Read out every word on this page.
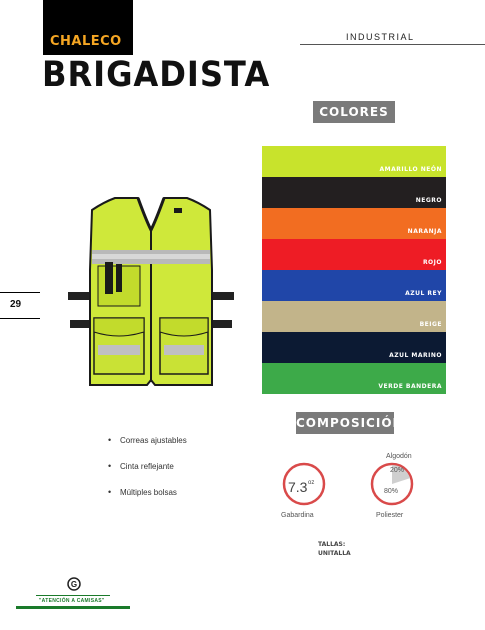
CHALECO
BRIGADISTA
INDUSTRIAL
COLORES
AMARILLO NEÓN
NEGRO
NARANJA
ROJO
AZUL REY
BEIGE
AZUL MARINO
VERDE BANDERA
29
• Correas ajustables
• Cinta reflejante
• Múltiples bolsas
COMPOSICIÓN
7.3 oz
Gabardina
Algodón
20%
80%
Poliester
TALLAS:
UNITALLA
G
"ATENCIÓN A CAMISAS"
